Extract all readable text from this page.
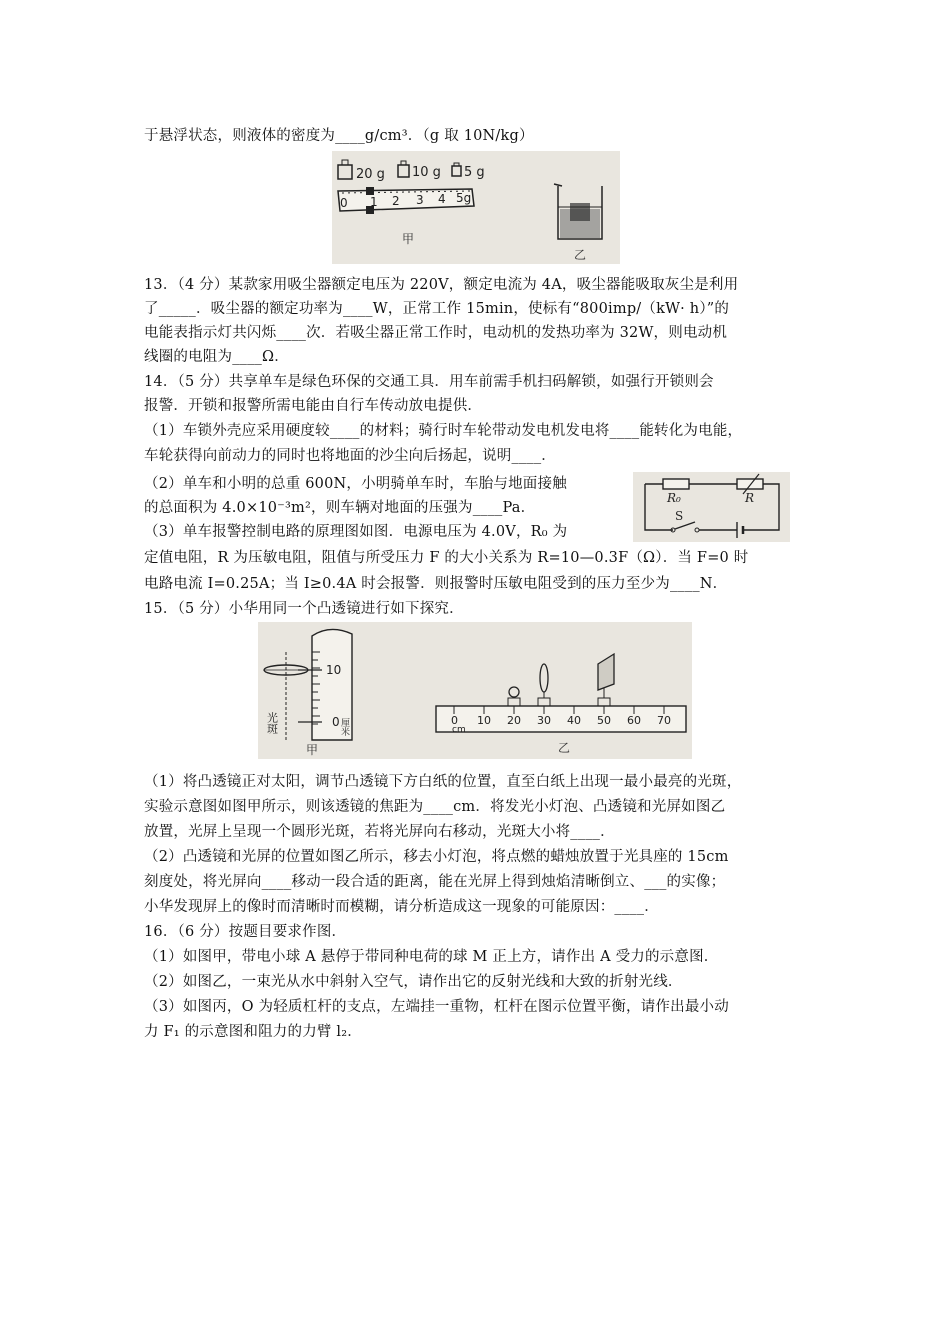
于悬浮状态，则液体的密度为____g/cm³．（g 取 10N/kg）
20 g 10 g 5 g
0 1 2 3 4 5g
甲
乙
13．（4 分）某款家用吸尘器额定电压为 220V，额定电流为 4A，吸尘器能吸取灰尘是利用
了_____．吸尘器的额定功率为____W，正常工作 15min，使标有“800imp/（kW· h）”的
电能表指示灯共闪烁____次．若吸尘器正常工作时，电动机的发热功率为 32W，则电动机
线圈的电阻为____Ω．
14．（5 分）共享单车是绿色环保的交通工具．用车前需手机扫码解锁，如强行开锁则会
报警．开锁和报警所需电能由自行车传动放电提供．
（1）车锁外壳应采用硬度较____的材料；骑行时车轮带动发电机发电将____能转化为电能，
车轮获得向前动力的同时也将地面的沙尘向后扬起，说明____．
（2）单车和小明的总重 600N，小明骑单车时，车胎与地面接触
的总面积为 4.0×10⁻³m²，则车辆对地面的压强为____Pa．
（3）单车报警控制电路的原理图如图．电源电压为 4.0V，R₀ 为
R₀	R
S
定值电阻，R 为压敏电阻，阻值与所受压力 F 的大小关系为 R=10—0.3F（Ω）．当 F=0 时
电路电流 I=0.25A；当 I≥0.4A 时会报警．则报警时压敏电阻受到的压力至少为____N．
15．（5 分）小华用同一个凸透镜进行如下探究．
10
0 厘米
光斑
甲
0 10 20 30 40 50 60 70
cm
乙
（1）将凸透镜正对太阳，调节凸透镜下方白纸的位置，直至白纸上出现一最小最亮的光斑，
实验示意图如图甲所示，则该透镜的焦距为____cm．将发光小灯泡、凸透镜和光屏如图乙
放置，光屏上呈现一个圆形光斑，若将光屏向右移动，光斑大小将____．
（2）凸透镜和光屏的位置如图乙所示，移去小灯泡，将点燃的蜡烛放置于光具座的 15cm
刻度处，将光屏向____移动一段合适的距离，能在光屏上得到烛焰清晰倒立、___的实像；
小华发现屏上的像时而清晰时而模糊，请分析造成这一现象的可能原因：____．
16．（6 分）按题目要求作图．
（1）如图甲，带电小球 A 悬停于带同种电荷的球 M 正上方，请作出 A 受力的示意图．
（2）如图乙，一束光从水中斜射入空气，请作出它的反射光线和大致的折射光线．
（3）如图丙，O 为轻质杠杆的支点，左端挂一重物，杠杆在图示位置平衡，请作出最小动
力 F₁ 的示意图和阻力的力臂 l₂．
